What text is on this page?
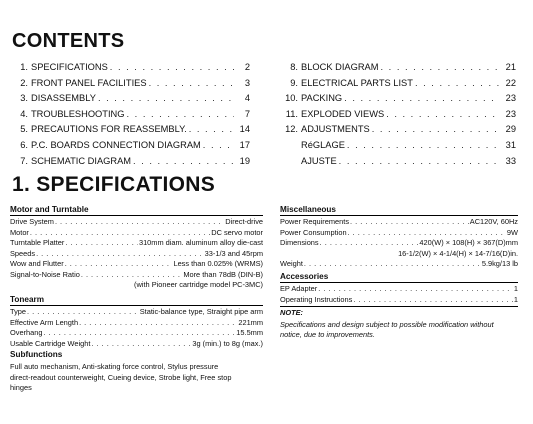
CONTENTS
1. SPECIFICATIONS . . .	2
2. FRONT PANEL FACILITIES . . .	3
3. DISASSEMBLY . . .	4
4. TROUBLESHOOTING . . .	7
5. PRECAUTIONS FOR REASSEMBLY. . . .	14
6. P.C. BOARDS CONNECTION DIAGRAM . . .	17
7. SCHEMATIC DIAGRAM . . .	19
8. BLOCK DIAGRAM . . .	21
9. ELECTRICAL PARTS LIST . . .	22
10. PACKING . . .	23
11. EXPLODED VIEWS . . .	23
12. ADJUSTMENTS . . .	29
RéGLAGE . . .	31
AJUSTE . . .	33
1. SPECIFICATIONS
Motor and Turntable
Drive System . . .	Direct-drive
Motor . . .	DC servo motor
Turntable Platter . . .	310mm diam. aluminum alloy die-cast
Speeds . . .	33-1/3 and 45rpm
Wow and Flutter . . .	Less than 0.025% (WRMS)
Signal-to-Noise Ratio . . .	More than 78dB (DIN-B)
(with Pioneer cartridge model PC-3MC)
Tonearm
Type . . .	Static-balance type, Straight pipe arm
Effective Arm Length . . .	221mm
Overhang . . .	15.5mm
Usable Cartridge Weight . . .	3g (min.) to 8g (max.)
Subfunctions
Full auto mechanism, Anti-skating force control, Stylus pressure
direct-readout counterweight, Cueing device, Strobe light, Free stop
hinges
Miscellaneous
Power Requirements . . .	AC120V, 60Hz
Power Consumption . . .	9W
Dimensions . . .	420(W) × 108(H) × 367(D)mm
16-1/2(W) × 4-1/4(H) × 14-7/16(D)in.
Weight . . .	5.9kg/13 lb
Accessories
EP Adapter . . .	1
Operating Instructions . . .	1
NOTE:
Specifications and design subject to possible modification without
notice, due to improvements.
